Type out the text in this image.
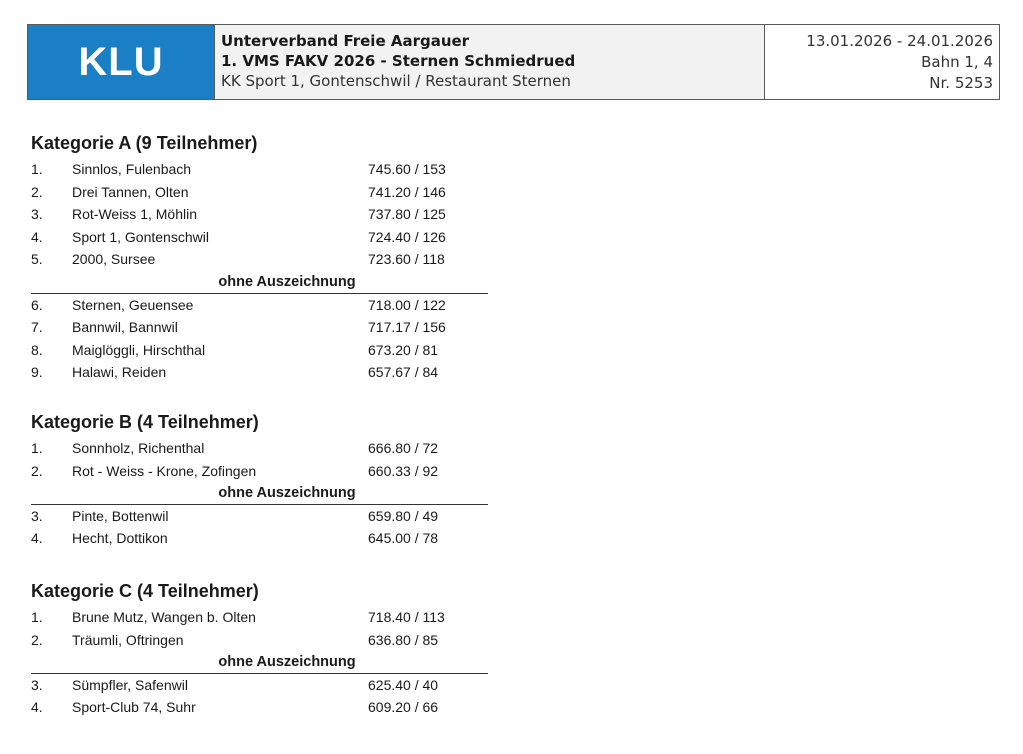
KLU	Unterverband Freie Aargauer
1. VMS FAKV 2026 - Sternen Schmiedrued
KK Sport 1, Gontenschwil / Restaurant Sternen
13.01.2026 - 24.01.2026
Bahn 1, 4
Nr. 5253
Kategorie A (9 Teilnehmer)
1.	Sinnlos, Fulenbach	745.60 / 153
2.	Drei Tannen, Olten	741.20 / 146
3.	Rot-Weiss 1, Möhlin	737.80 / 125
4.	Sport 1, Gontenschwil	724.40 / 126
5.	2000, Sursee	723.60 / 118
ohne Auszeichnung
6.	Sternen, Geuensee	718.00 / 122
7.	Bannwil, Bannwil	717.17 / 156
8.	Maiglöggli, Hirschthal	673.20 / 81
9.	Halawi, Reiden	657.67 / 84
Kategorie B (4 Teilnehmer)
1.	Sonnholz, Richenthal	666.80 / 72
2.	Rot - Weiss - Krone, Zofingen	660.33 / 92
ohne Auszeichnung
3.	Pinte, Bottenwil	659.80 / 49
4.	Hecht, Dottikon	645.00 / 78
Kategorie C (4 Teilnehmer)
1.	Brune Mutz, Wangen b. Olten	718.40 / 113
2.	Träumli, Oftringen	636.80 / 85
ohne Auszeichnung
3.	Sümpfler, Safenwil	625.40 / 40
4.	Sport-Club 74, Suhr	609.20 / 66
